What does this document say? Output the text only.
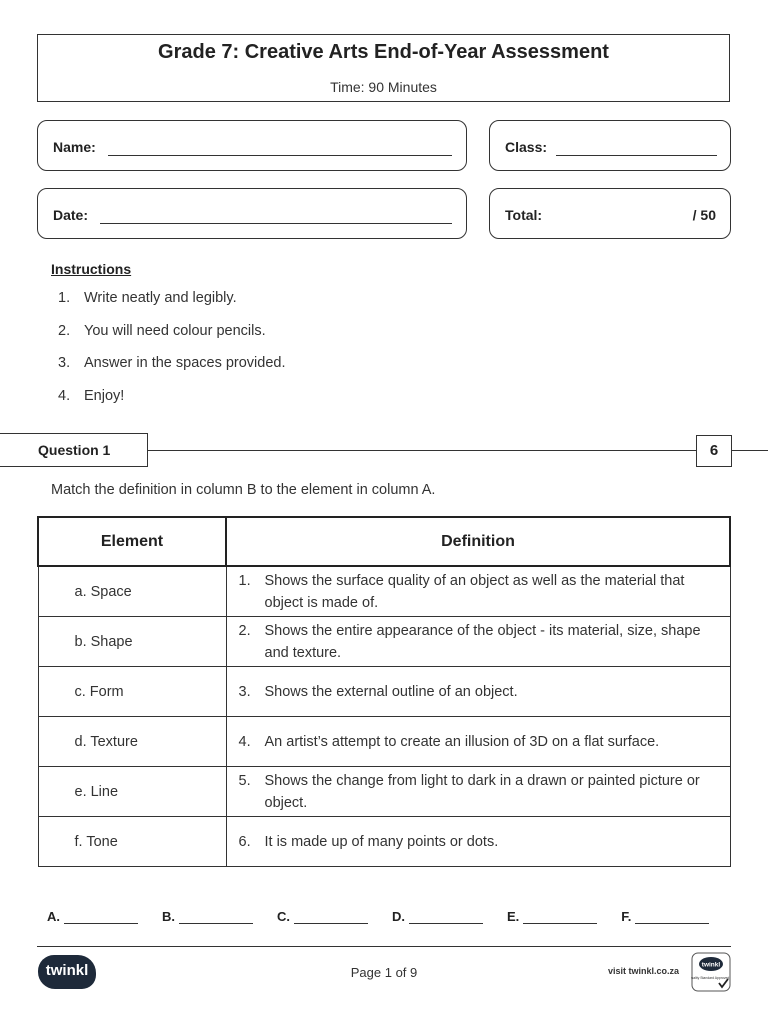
Grade 7: Creative Arts End-of-Year Assessment
Time: 90 Minutes
Name:	Class:
Date:	Total:	/ 50
Instructions
1. Write neatly and legibly.
2. You will need colour pencils.
3. Answer in the spaces provided.
4. Enjoy!
Question 1	6
Match the definition in column B to the element in column A.
Element	Definition
a. Space	1. Shows the surface quality of an object as well as the material that object is made of.

b. Shape	2. Shows the entire appearance of the object - its material, size, shape and texture.

c. Form	3. Shows the external outline of an object.

d. Texture	4. An artist’s attempt to create an illusion of 3D on a flat surface.

e. Line	5. Shows the change from light to dark in a drawn or painted picture or object.

f. Tone	6. It is made up of many points or dots.
A.	B.	C.	D.	E.	F.
twinkl	Page 1 of 9	visit twinkl.co.za
twinkl
Quality Standard Approved
